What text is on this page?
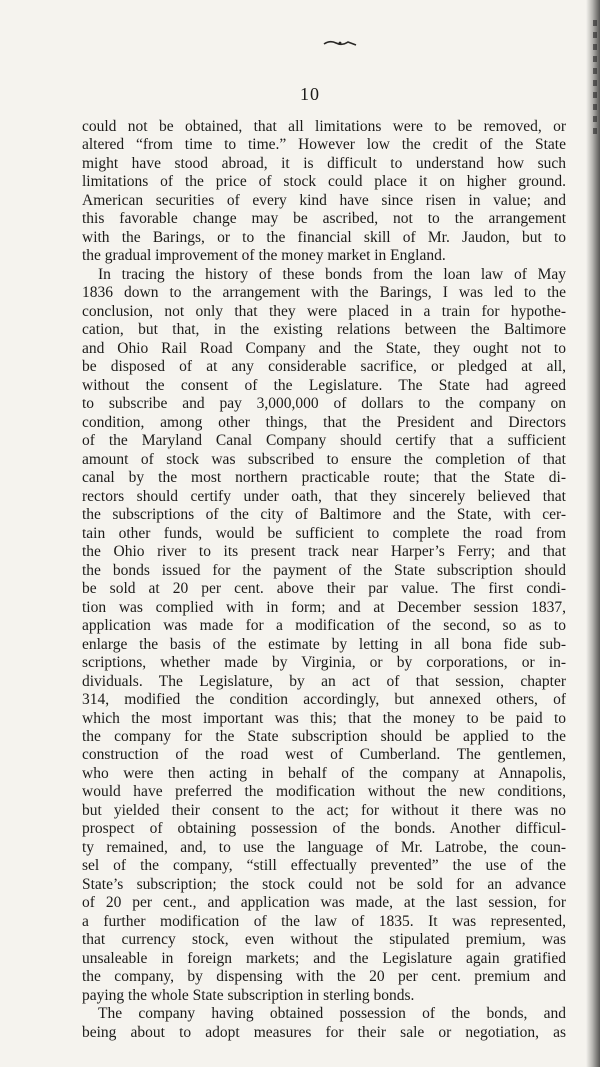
10
could not be obtained, that all limitations were to be removed, or
altered “from time to time.” However low the credit of the State
might have stood abroad, it is difficult to understand how such
limitations of the price of stock could place it on higher ground.
American securities of every kind have since risen in value; and
this favorable change may be ascribed, not to the arrangement
with the Barings, or to the financial skill of Mr. Jaudon, but to
the gradual improvement of the money market in England.
In tracing the history of these bonds from the loan law of May
1836 down to the arrangement with the Barings, I was led to the
conclusion, not only that they were placed in a train for hypothe-
cation, but that, in the existing relations between the Baltimore
and Ohio Rail Road Company and the State, they ought not to
be disposed of at any considerable sacrifice, or pledged at all,
without the consent of the Legislature. The State had agreed
to subscribe and pay 3,000,000 of dollars to the company on
condition, among other things, that the President and Directors
of the Maryland Canal Company should certify that a sufficient
amount of stock was subscribed to ensure the completion of that
canal by the most northern practicable route; that the State di-
rectors should certify under oath, that they sincerely believed that
the subscriptions of the city of Baltimore and the State, with cer-
tain other funds, would be sufficient to complete the road from
the Ohio river to its present track near Harper’s Ferry; and that
the bonds issued for the payment of the State subscription should
be sold at 20 per cent. above their par value. The first condi-
tion was complied with in form; and at December session 1837,
application was made for a modification of the second, so as to
enlarge the basis of the estimate by letting in all bona fide sub-
scriptions, whether made by Virginia, or by corporations, or in-
dividuals. The Legislature, by an act of that session, chapter
314, modified the condition accordingly, but annexed others, of
which the most important was this; that the money to be paid to
the company for the State subscription should be applied to the
construction of the road west of Cumberland. The gentlemen,
who were then acting in behalf of the company at Annapolis,
would have preferred the modification without the new conditions,
but yielded their consent to the act; for without it there was no
prospect of obtaining possession of the bonds. Another difficul-
ty remained, and, to use the language of Mr. Latrobe, the coun-
sel of the company, “still effectually prevented” the use of the
State’s subscription; the stock could not be sold for an advance
of 20 per cent., and application was made, at the last session, for
a further modification of the law of 1835. It was represented,
that currency stock, even without the stipulated premium, was
unsaleable in foreign markets; and the Legislature again gratified
the company, by dispensing with the 20 per cent. premium and
paying the whole State subscription in sterling bonds.
The company having obtained possession of the bonds, and
being about to adopt measures for their sale or negotiation, as
